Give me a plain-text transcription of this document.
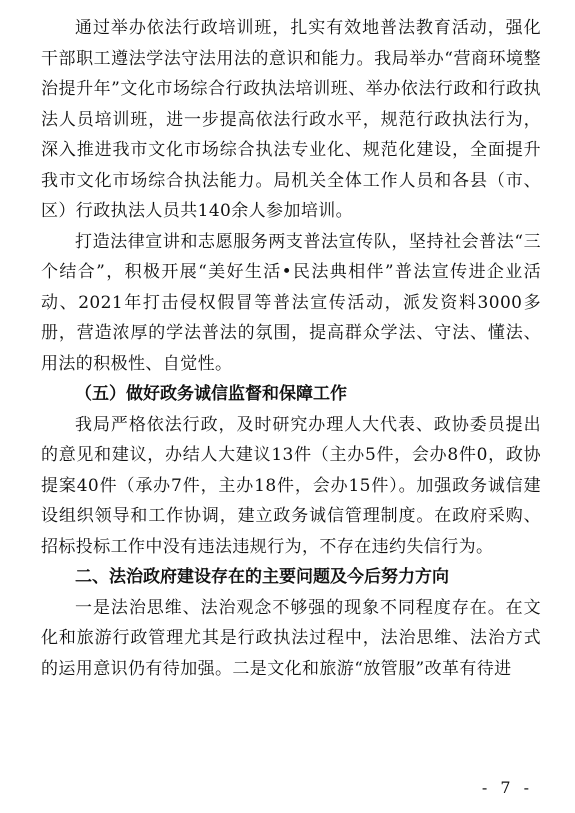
通过举办依法行政培训班，扎实有效地普法教育活动，强化干部职工遵法学法守法用法的意识和能力。我局举办“营商环境整治提升年”文化市场综合行政执法培训班、举办依法行政和行政执法人员培训班，进一步提高依法行政水平，规范行政执法行为，深入推进我市文化市场综合执法专业化、规范化建设，全面提升我市文化市场综合执法能力。局机关全体工作人员和各县（市、区）行政执法人员共140余人参加培训。

打造法律宣讲和志愿服务两支普法宣传队，坚持社会普法“三个结合”，积极开展“美好生活•民法典相伴”普法宣传进企业活动、2021年打击侵权假冒等普法宣传活动，派发资料3000多册，营造浓厚的学法普法的氛围，提高群众学法、守法、懂法、用法的积极性、自觉性。

（五）做好政务诚信监督和保障工作

我局严格依法行政，及时研究办理人大代表、政协委员提出的意见和建议，办结人大建议13件（主办5件，会办8件0，政协提案40件（承办7件，主办18件，会办15件）。加强政务诚信建设组织领导和工作协调，建立政务诚信管理制度。在政府采购、招标投标工作中没有违法违规行为，不存在违约失信行为。

二、法治政府建设存在的主要问题及今后努力方向

一是法治思维、法治观念不够强的现象不同程度存在。在文化和旅游行政管理尤其是行政执法过程中，法治思维、法治方式的运用意识仍有待加强。二是文化和旅游“放管服”改革有待进

- 7 -
